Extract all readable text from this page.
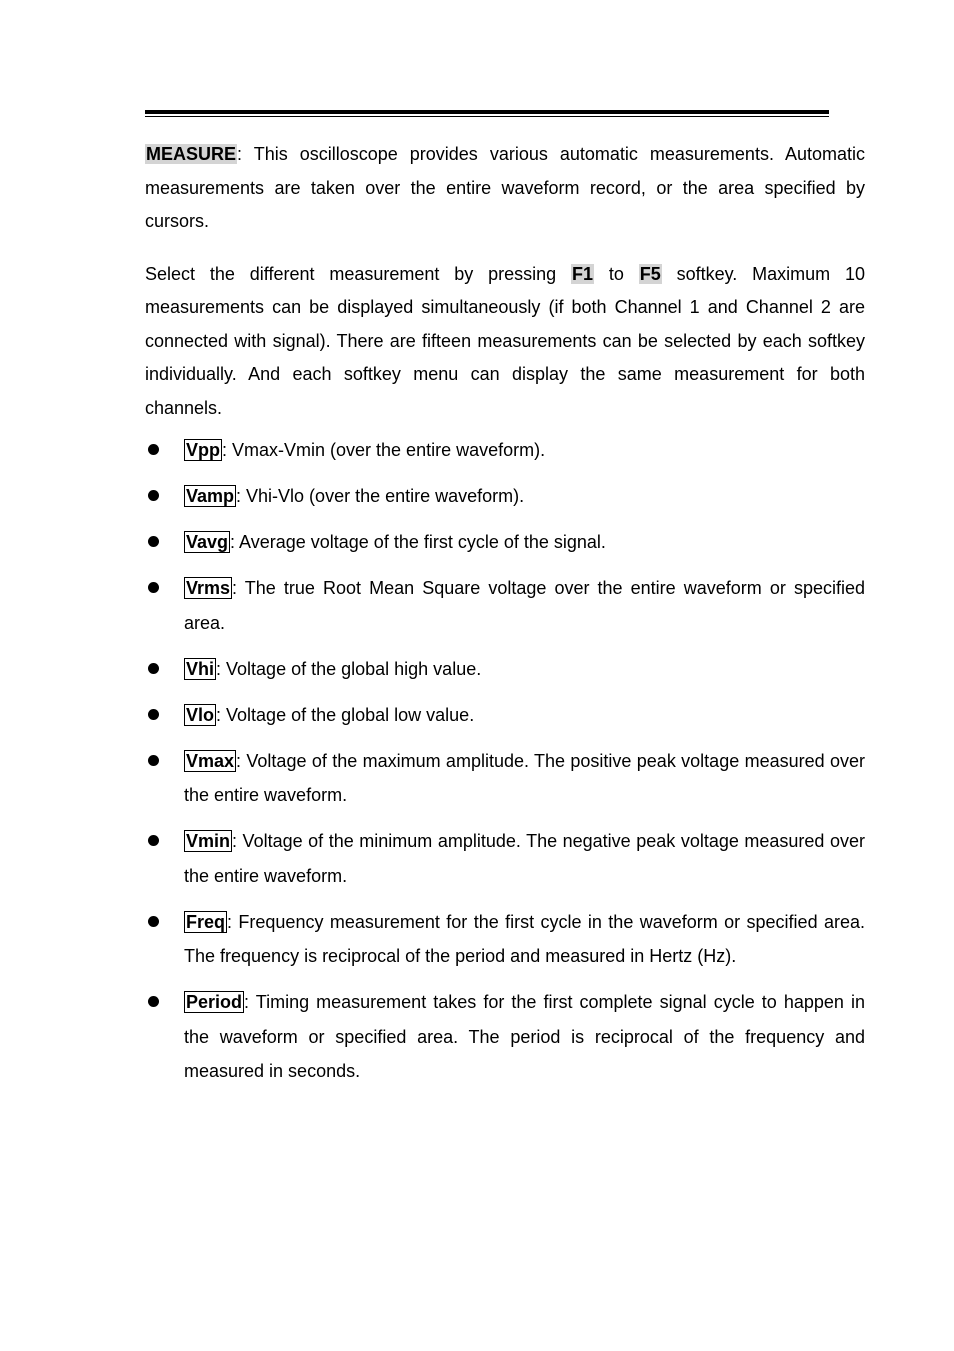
MEASURE: This oscilloscope provides various automatic measurements. Automatic measurements are taken over the entire waveform record, or the area specified by cursors.

Select the different measurement by pressing F1 to F5 softkey. Maximum 10 measurements can be displayed simultaneously (if both Channel 1 and Channel 2 are connected with signal). There are fifteen measurements can be selected by each softkey individually. And each softkey menu can display the same measurement for both channels.

Vpp : Vmax-Vmin (over the entire waveform).
Vamp : Vhi-Vlo (over the entire waveform).
Vavg : Average voltage of the first cycle of the signal.
Vrms : The true Root Mean Square voltage over the entire waveform or specified area.
Vhi : Voltage of the global high value.
Vlo : Voltage of the global low value.
Vmax : Voltage of the maximum amplitude. The positive peak voltage measured over the entire waveform.
Vmin : Voltage of the minimum amplitude. The negative peak voltage measured over the entire waveform.
Freq : Frequency measurement for the first cycle in the waveform or specified area. The frequency is reciprocal of the period and measured in Hertz (Hz).
Period : Timing measurement takes for the first complete signal cycle to happen in the waveform or specified area. The period is reciprocal of the frequency and measured in seconds.
